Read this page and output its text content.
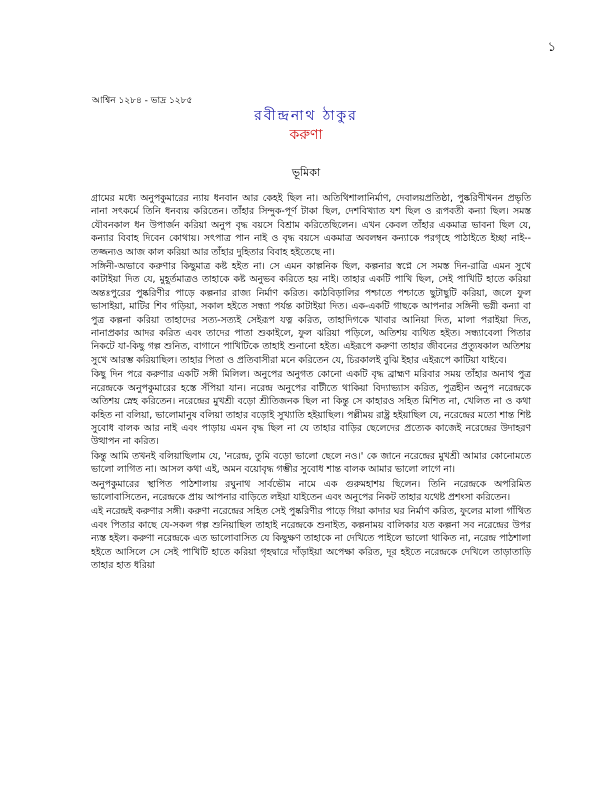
১
আশ্বিন ১২৮৪ - ভাদ্র ১২৮৫
রবীন্দ্রনাথ ঠাকুর
করুণা
ভূমিকা

গ্রামের মধ্যে অনুপকুমারের ন্যায় ধনবান আর কেহই ছিল না। অতিথিশালানির্মাণ, দেবালয়প্রতিষ্ঠা, পুষ্করিণীখনন প্রভৃতি নানা সৎকর্মে তিনি ধনব্যয় করিতেন। তাঁহার সিন্দুক-পূর্ণ টাকা ছিল, দেশবিখ্যাত যশ ছিল ও রূপবতী কন্যা ছিল। সমস্ত যৌবনকাল ধন উপার্জন করিয়া অনুপ বৃদ্ধ বয়সে বিশ্রাম করিতেছিলেন। এখন কেবল তাঁহার একমাত্র ভাবনা ছিল যে, কন্যার বিবাহ দিবেন কোথায়। সৎপাত্র পান নাই ও বৃদ্ধ বয়সে একমাত্র অবলম্বন কন্যাকে পরগৃহে পাঠাইতে ইচ্ছা নাই-- তজ্জন্যও আজ কাল করিয়া আর তাঁহার দুহিতার বিবাহ হইতেছে না।

সঙ্গিনী-অভাবে করুণার কিছুমাত্র কষ্ট হইত না। সে এমন কাল্পনিক ছিল, কল্পনার স্বপ্নে সে সমস্ত দিন-রাত্রি এমন সুখে কাটাইয়া দিত যে, মুহূর্তমাত্রও তাহাকে কষ্ট অনুভব করিতে হয় নাই। তাহার একটি পাখি ছিল, সেই পাখিটি হাতে করিয়া অন্তঃপুরের পুষ্করিণীর পাড়ে কল্পনার রাজ্য নির্মাণ করিত। কাঠবিড়ালির পশ্চাতে পশ্চাতে ছুটাছুটি করিয়া, জলে ফুল ভাসাইয়া, মাটির শিব গড়িয়া, সকাল হইতে সন্ধ্যা পর্যন্ত কাটাইয়া দিত। এক-একটি গাছকে আপনার সঙ্গিনী ভগ্নী কন্যা বা পুত্র কল্পনা করিয়া তাহাদের সত্য-সত্যই সেইরূপ যত্ন করিত, তাহাদিগকে খাবার আনিয়া দিত, মালা পরাইয়া দিত, নানাপ্রকার আদর করিত এবং তাদের পাতা শুকাইলে, ফুল ঝরিয়া পড়িলে, অতিশয় ব্যথিত হইত। সন্ধ্যাবেলা পিতার নিকটে যা-কিছু গল্প শুনিত, বাগানে পাখিটিকে তাহাই শুনানো হইত। এইরূপে করুণা তাহার জীবনের প্রত্যুষকাল অতিশয় সুখে আরম্ভ করিয়াছিল। তাহার পিতা ও প্রতিবাসীরা মনে করিতেন যে, চিরকালই বুঝি ইহার এইরূপে কাটিয়া যাইবে।

কিছু দিন পরে করুণার একটি সঙ্গী মিলিল। অনুপের অনুগত কোনো একটি বৃদ্ধ ব্রাহ্মণ মরিবার সময় তাঁহার অনাথ পুত্র নরেন্দ্রকে অনুপকুমারের হস্তে সঁপিয়া যান। নরেন্দ্র অনুপের বাটীতে থাকিয়া বিদ্যাভ্যাস করিত, পুত্রহীন অনুপ নরেন্দ্রকে অতিশয় স্নেহ করিতেন। নরেন্দ্রের মুখশ্রী বড়ো শ্রীতিজনক ছিল না কিন্তু সে কাহারও সহিত মিশিত না, খেলিত না ও কথা কহিত না বলিয়া, ভালোমানুষ বলিয়া তাহার বড়োই সুখ্যাতি হইয়াছিল। পল্লীময় রাষ্ট্র হইয়াছিল যে, নরেন্দ্রের মতো শান্ত শিষ্ট সুবোধ বালক আর নাই এবং পাড়ায় এমন বৃদ্ধ ছিল না যে তাহার বাড়ির ছেলেদের প্রত্যেক কাজেই নরেন্দ্রের উদাহরণ উত্থাপন না করিত।

কিন্তু আমি তখনই বলিয়াছিলাম যে, 'নরেন্দ্র, তুমি বড়ো ভালো ছেলে নও।' কে জানে নরেন্দ্রের মুখশ্রী আমার কোনোমতে ভালো লাগিত না। আসল কথা এই, অমন বয়োবৃদ্ধ গম্ভীর সুবোধ শান্ত বালক আমার ভালো লাগে না।

অনুপকুমারের স্থাপিত পাঠশালায় রঘুনাথ সার্বভৌম নামে এক গুরুমহাশয় ছিলেন। তিনি নরেন্দ্রকে অপরিমিত ভালোবাসিতেন, নরেন্দ্রকে প্রায় আপনার বাড়িতে লইয়া যাইতেন এবং অনুপের নিকট তাহার যথেষ্ট প্রশংসা করিতেন।

এই নরেন্দ্রই করুণার সঙ্গী। করুণা নরেন্দ্রের সহিত সেই পুষ্করিণীর পাড়ে গিয়া কাদার ঘর নির্মাণ করিত, ফুলের মালা গাঁথিত এবং পিতার কাছে যে-সকল গল্প শুনিয়াছিল তাহাই নরেন্দ্রকে শুনাইত, কল্পনাময় বালিকার যত কল্পনা সব নরেন্দ্রের উপর ন্যস্ত হইল। করুণা নরেন্দ্রকে এত ভালোবাসিত যে কিছুক্ষণ তাহাকে না দেখিতে পাইলে ভালো থাকিত না, নরেন্দ্র পাঠশালা হইতে আসিলে সে সেই পাখিটি হাতে করিয়া গৃহদ্বারে দাঁড়াইয়া অপেক্ষা করিত, দূর হইতে নরেন্দ্রকে দেখিলে তাড়াতাড়ি তাহার হাত ধরিয়া
